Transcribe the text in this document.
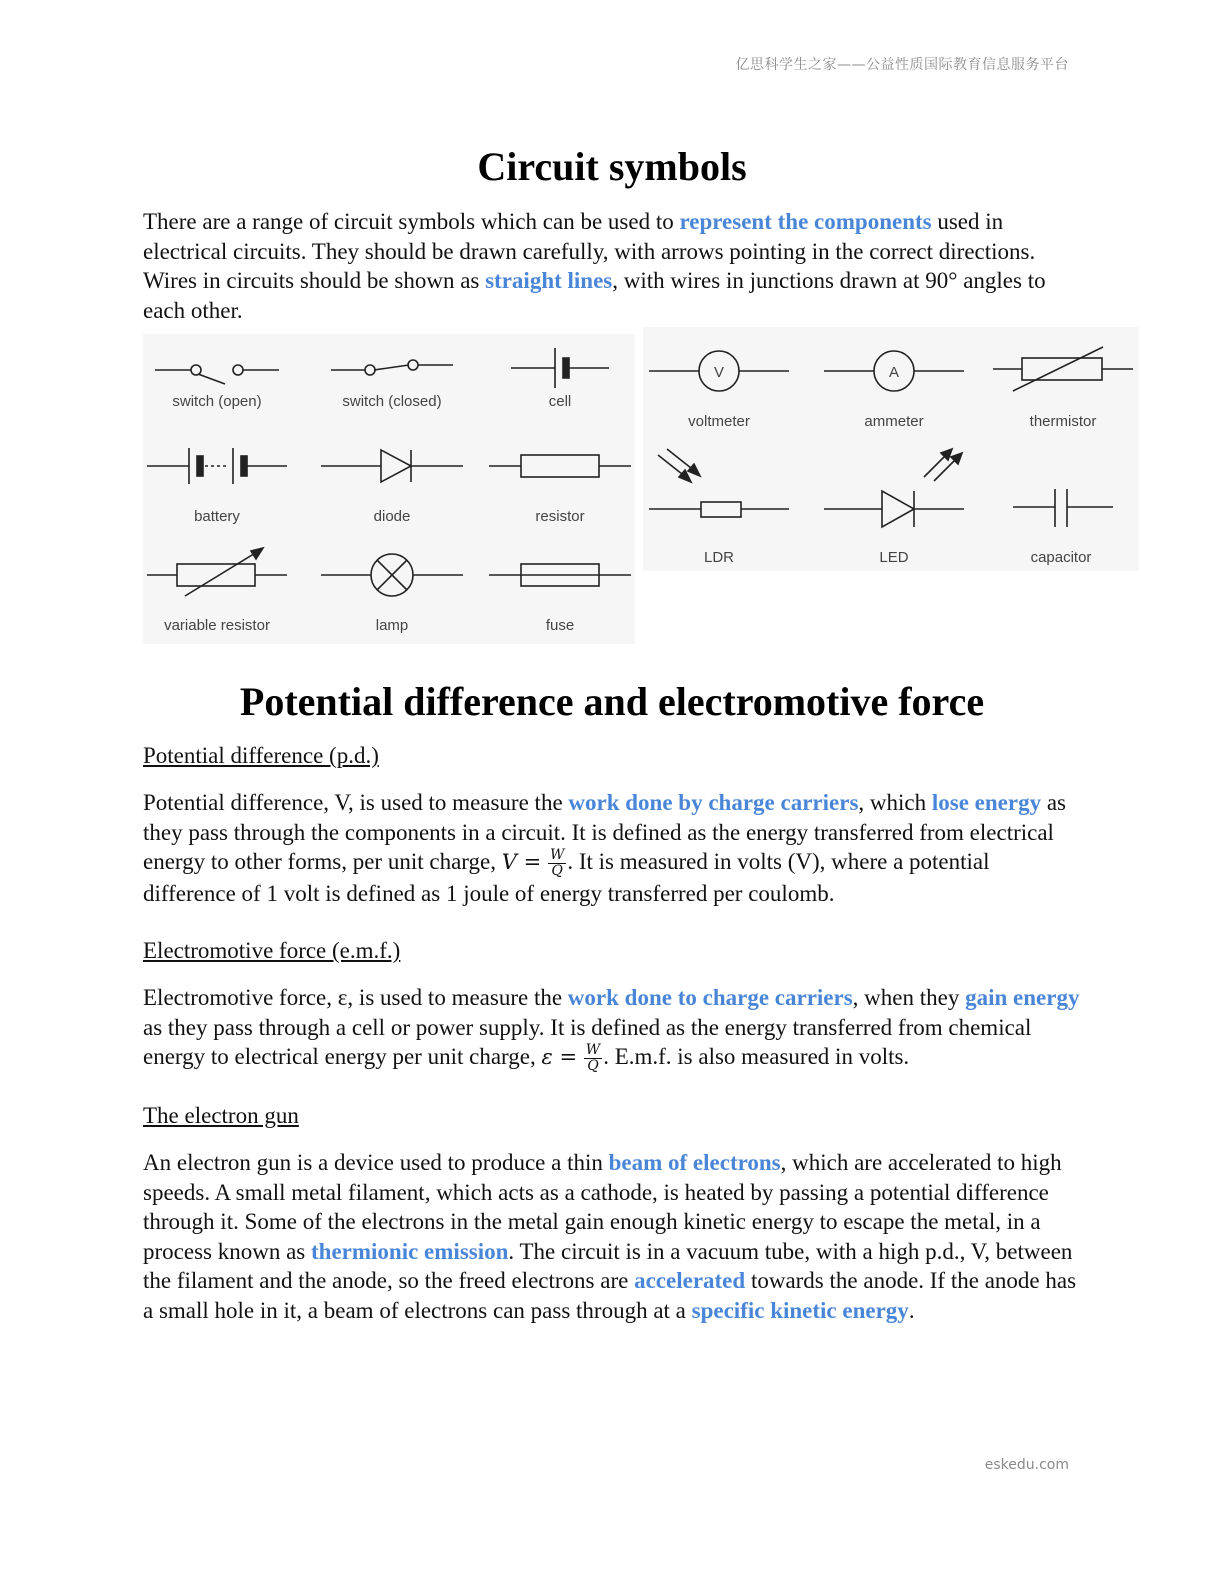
亿思科学生之家——公益性质国际教育信息服务平台
Circuit symbols

There are a range of circuit symbols which can be used to represent the components used in electrical circuits. They should be drawn carefully, with arrows pointing in the correct directions. Wires in circuits should be shown as straight lines, with wires in junctions drawn at 90° angles to each other.

switch (open)	switch (closed)	cell
battery	diode	resistor
variable resistor	lamp	fuse
V
voltmeter
A
ammeter	thermistor
LDR	LED	capacitor
Potential difference and electromotive force

Potential difference (p.d.)

Potential difference, V, is used to measure the work done by charge carriers, which lose energy as they pass through the components in a circuit. It is defined as the energy transferred from electrical energy to other forms, per unit charge, $V = \frac{W}{Q}$ . It is measured in volts (V), where a potential difference of 1 volt is defined as 1 joule of energy transferred per coulomb.

Electromotive force (e.m.f.)

Electromotive force, ε, is used to measure the work done to charge carriers, when they gain energy as they pass through a cell or power supply. It is defined as the energy transferred from chemical energy to electrical energy per unit charge, $\varepsilon = \frac{W}{Q}$ . E.m.f. is also measured in volts.

The electron gun

An electron gun is a device used to produce a thin beam of electrons, which are accelerated to high speeds. A small metal filament, which acts as a cathode, is heated by passing a potential difference through it. Some of the electrons in the metal gain enough kinetic energy to escape the metal, in a process known as thermionic emission. The circuit is in a vacuum tube, with a high p.d., V, between the filament and the anode, so the freed electrons are accelerated towards the anode. If the anode has a small hole in it, a beam of electrons can pass through at a specific kinetic energy.

eskedu.com
